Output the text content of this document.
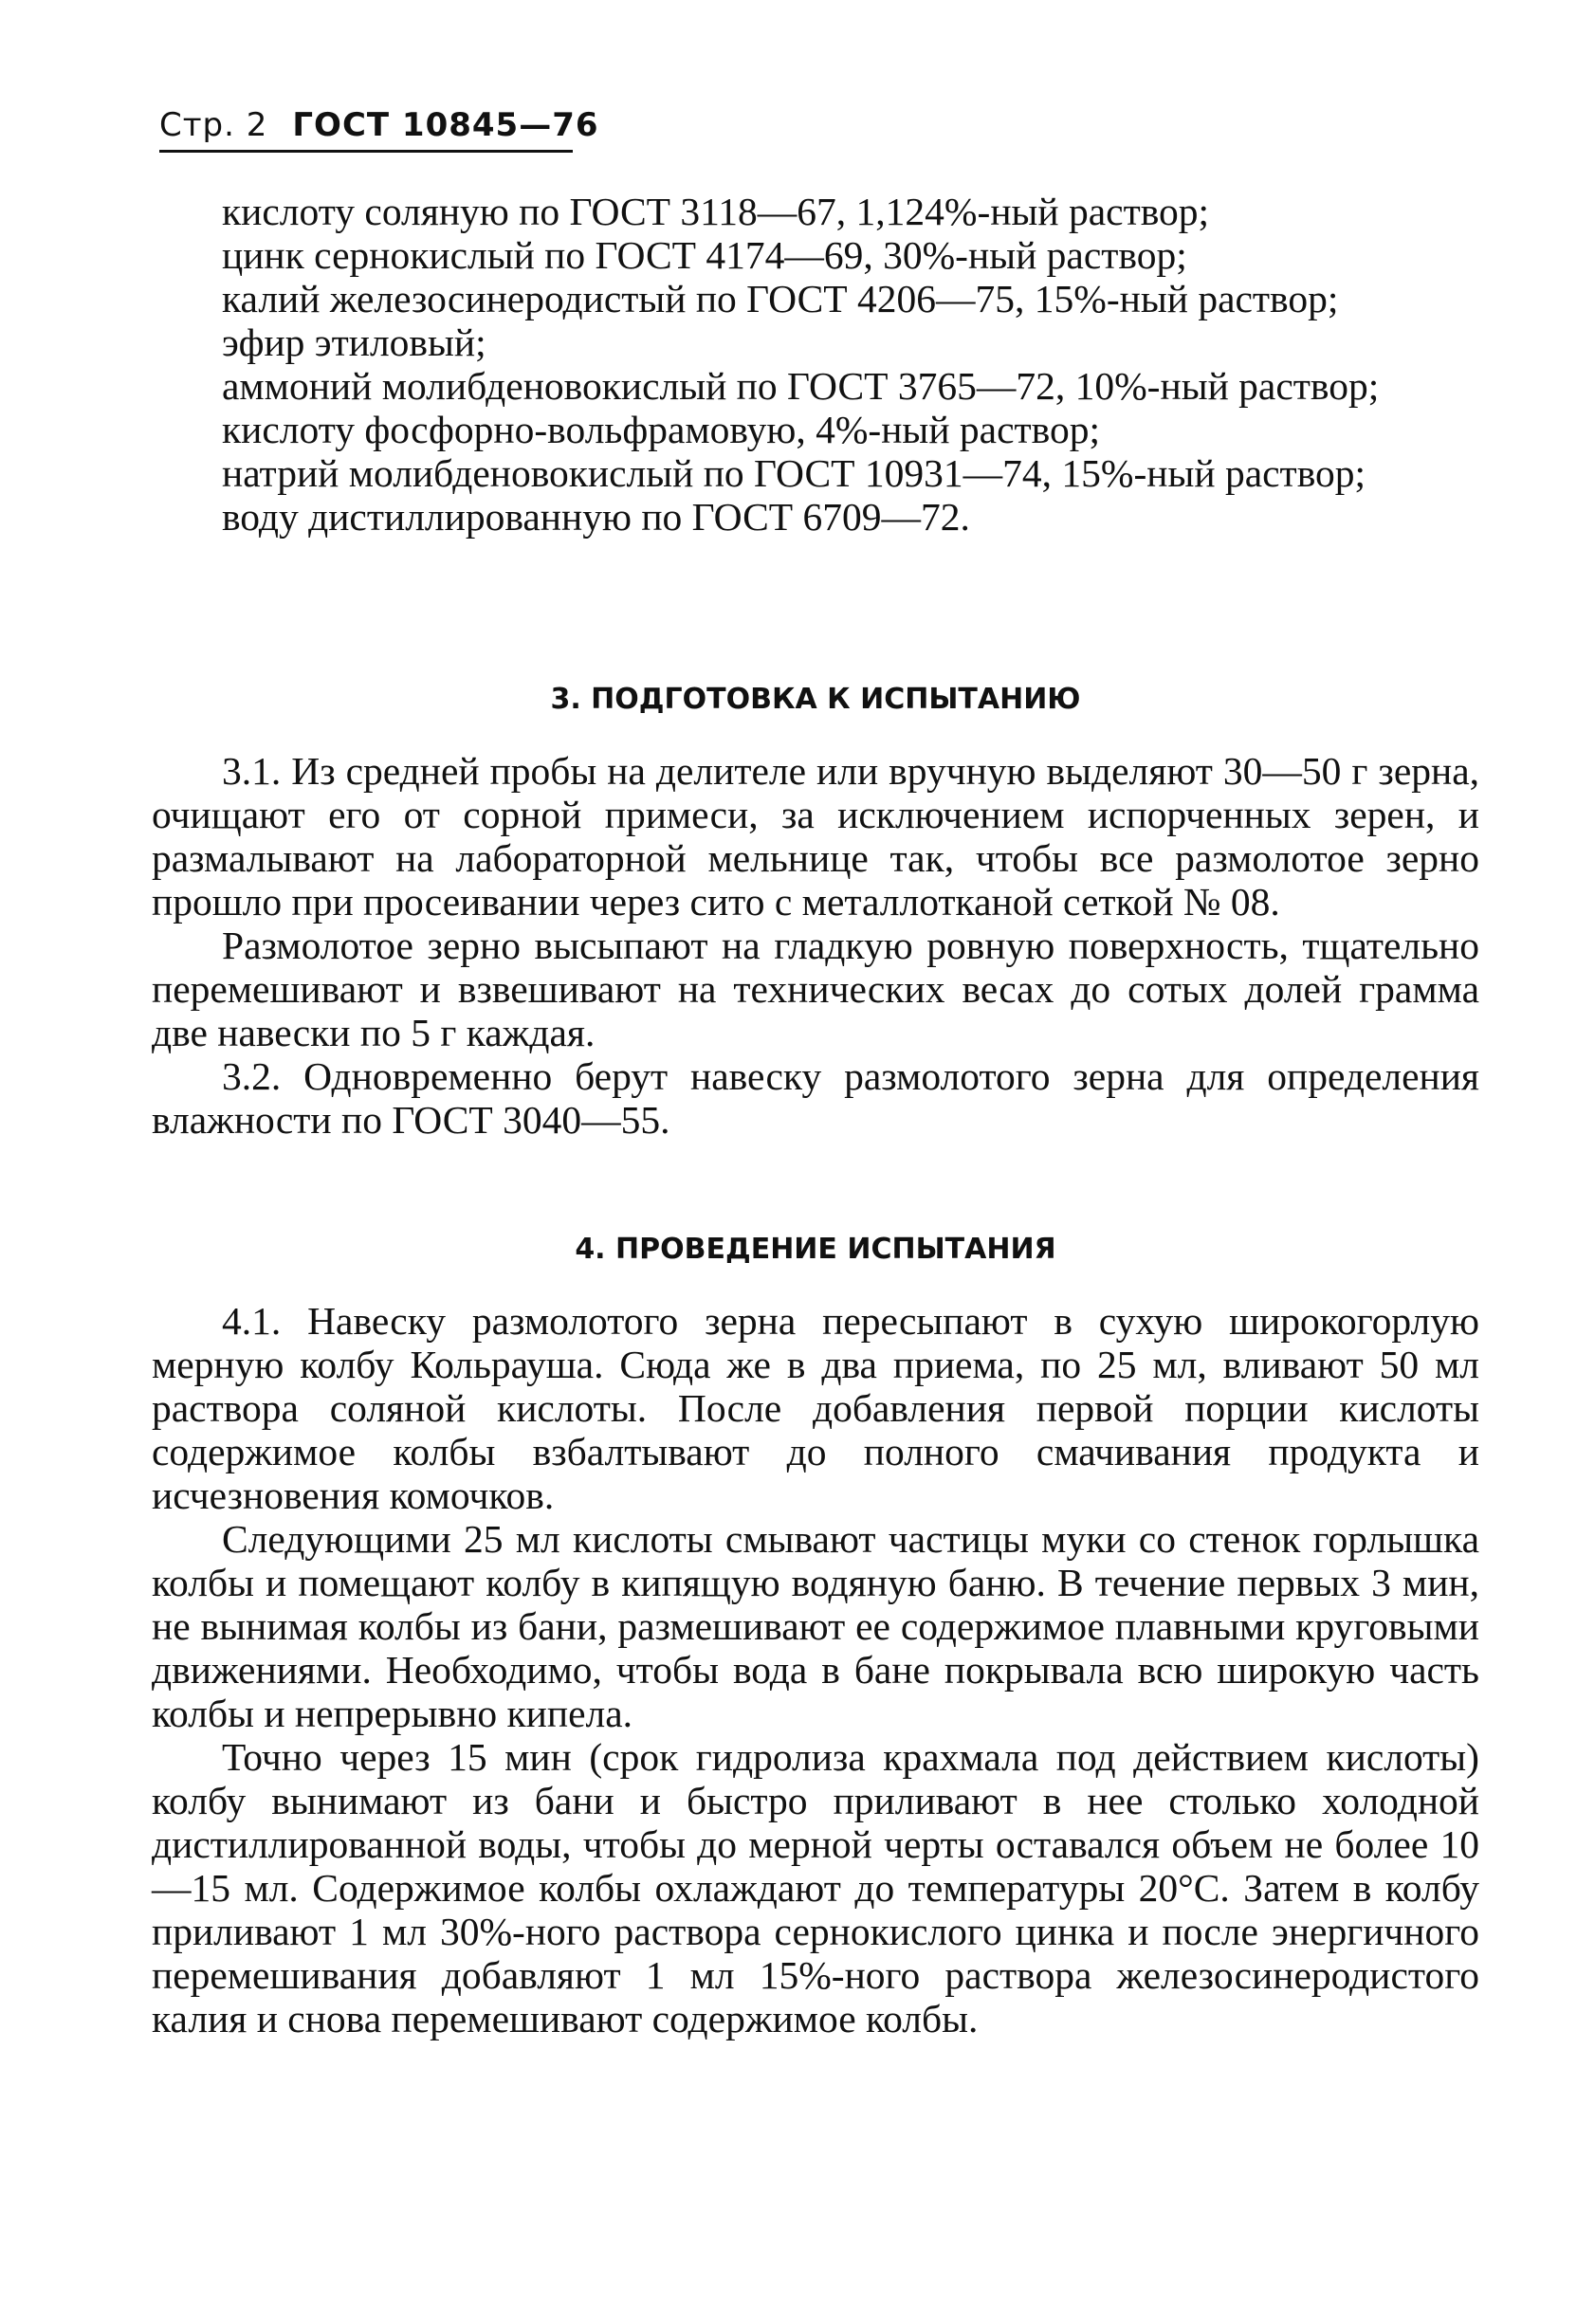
Стр. 2 ГОСТ 10845—76

кислоту соляную по ГОСТ 3118—67, 1,124%-ный раствор;

цинк сернокислый по ГОСТ 4174—69, 30%-ный раствор;

калий железосинеродистый по ГОСТ 4206—75, 15%-ный раствор;

эфир этиловый;

аммоний молибденовокислый по ГОСТ 3765—72, 10%-ный раствор;

кислоту фосфорно-вольфрамовую, 4%-ный раствор;

натрий молибденовокислый по ГОСТ 10931—74, 15%-ный раствор;

воду дистиллированную по ГОСТ 6709—72.

3. ПОДГОТОВКА К ИСПЫТАНИЮ

3.1. Из средней пробы на делителе или вручную выделяют 30—50 г зерна, очищают его от сорной примеси, за исключением испорченных зерен, и размалывают на лабораторной мельнице так, чтобы все размолотое зерно прошло при просеивании через сито с металлотканой сеткой № 08.

Размолотое зерно высыпают на гладкую ровную поверхность, тщательно перемешивают и взвешивают на технических весах до сотых долей грамма две навески по 5 г каждая.

3.2. Одновременно берут навеску размолотого зерна для определения влажности по ГОСТ 3040—55.

4. ПРОВЕДЕНИЕ ИСПЫТАНИЯ

4.1. Навеску размолотого зерна пересыпают в сухую широкогорлую мерную колбу Кольрауша. Сюда же в два приема, по 25 мл, вливают 50 мл раствора соляной кислоты. После добавления первой порции кислоты содержимое колбы взбалтывают до полного смачивания продукта и исчезновения комочков.

Следующими 25 мл кислоты смывают частицы муки со стенок горлышка колбы и помещают колбу в кипящую водяную баню. В течение первых 3 мин, не вынимая колбы из бани, размешивают ее содержимое плавными круговыми движениями. Необходимо, чтобы вода в бане покрывала всю широкую часть колбы и непрерывно кипела.

Точно через 15 мин (срок гидролиза крахмала под действием кислоты) колбу вынимают из бани и быстро приливают в нее столько холодной дистиллированной воды, чтобы до мерной черты оставался объем не более 10—15 мл. Содержимое колбы охлаждают до температуры 20°С. Затем в колбу приливают 1 мл 30%-ного раствора сернокислого цинка и после энергичного перемешивания добавляют 1 мл 15%-ного раствора железосинеродистого калия и снова перемешивают содержимое колбы.
